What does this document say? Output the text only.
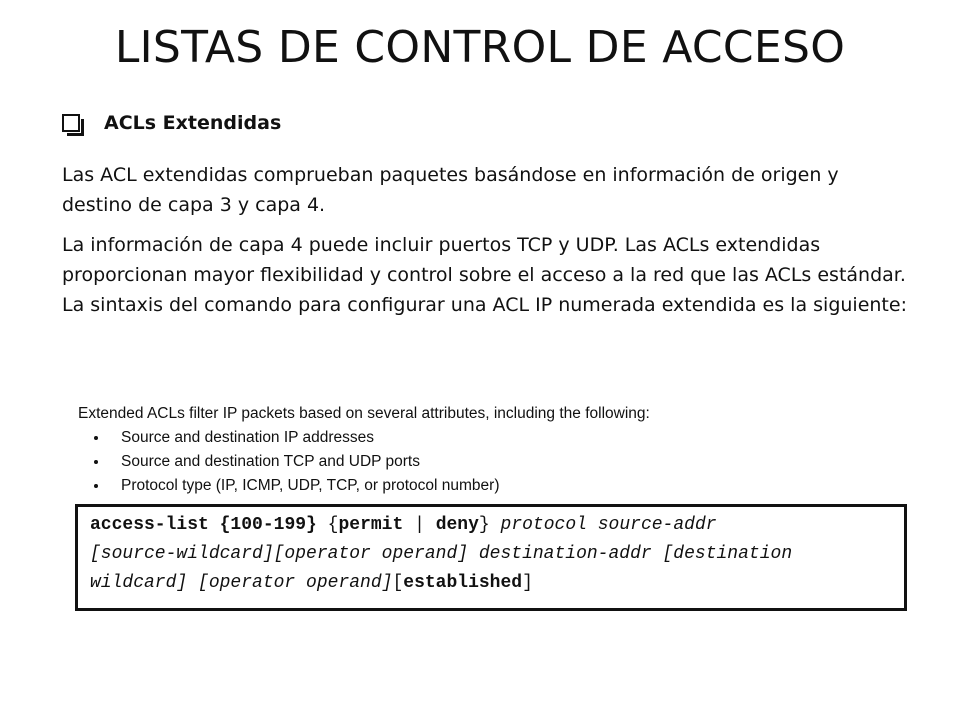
LISTAS DE CONTROL DE ACCESO
ACLs Extendidas
Las ACL extendidas comprueban paquetes basándose en información de origen y destino de capa 3 y capa 4.
La información de capa 4 puede incluir puertos TCP y UDP. Las ACLs extendidas proporcionan mayor flexibilidad y control sobre el acceso a la red que las ACLs estándar. La sintaxis del comando para configurar una ACL IP numerada extendida es la siguiente:
Extended ACLs filter IP packets based on several attributes, including the following:
• Source and destination IP addresses
• Source and destination TCP and UDP ports
• Protocol type (IP, ICMP, UDP, TCP, or protocol number)
access-list {100-199} {permit | deny} protocol source-addr
[source-wildcard][operator operand] destination-addr [destination
wildcard] [operator operand][established]
